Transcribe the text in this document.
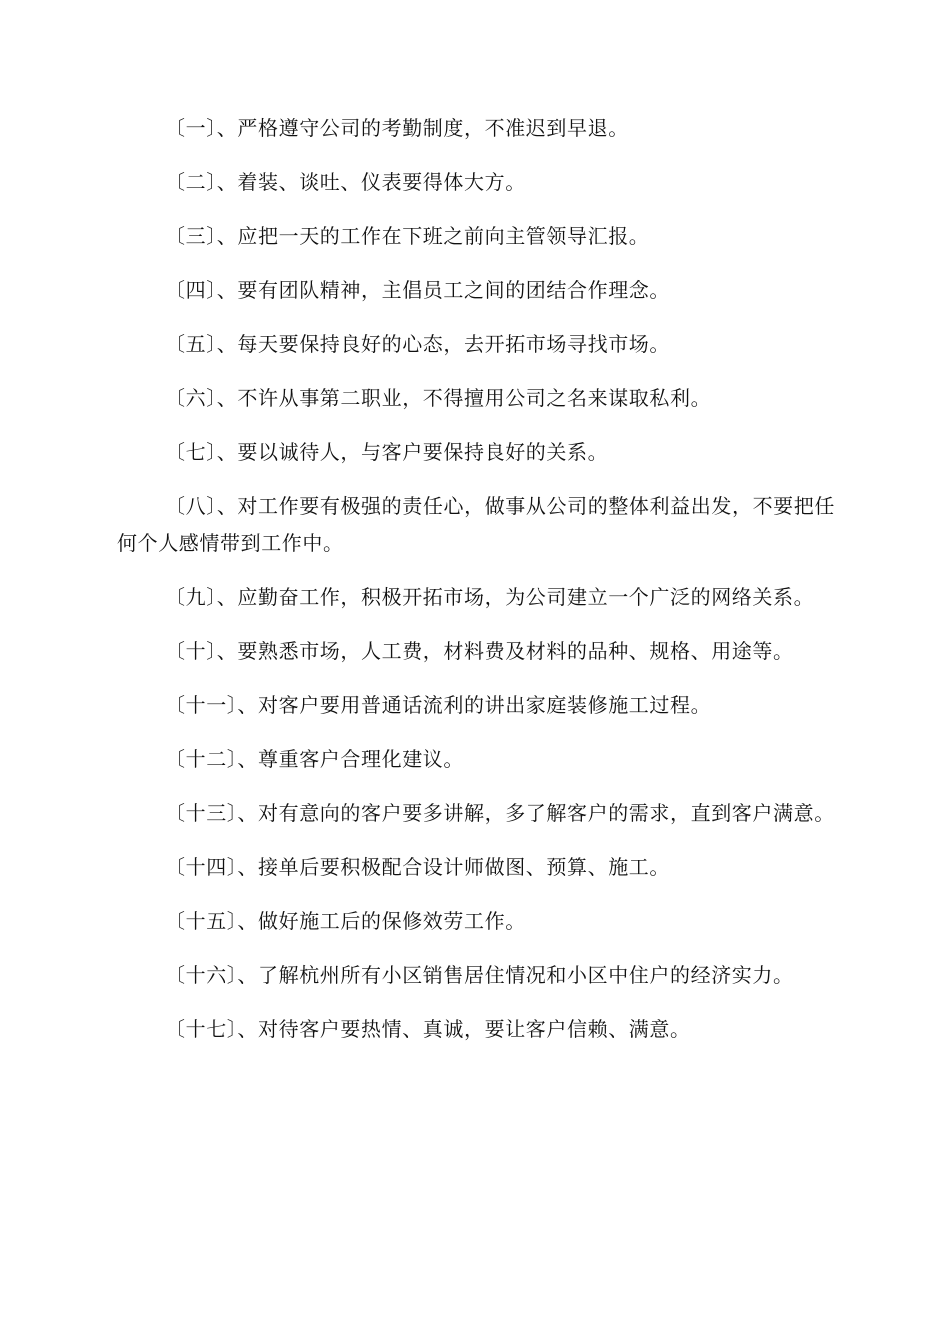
〔一〕、严格遵守公司的考勤制度，不准迟到早退。

〔二〕、着装、谈吐、仪表要得体大方。

〔三〕、应把一天的工作在下班之前向主管领导汇报。

〔四〕、要有团队精神，主倡员工之间的团结合作理念。

〔五〕、每天要保持良好的心态，去开拓市场寻找市场。

〔六〕、不许从事第二职业，不得擅用公司之名来谋取私利。

〔七〕、要以诚待人，与客户要保持良好的关系。

〔八〕、对工作要有极强的责任心，做事从公司的整体利益出发，不要把任何个人感情带到工作中。

〔九〕、应勤奋工作，积极开拓市场，为公司建立一个广泛的网络关系。

〔十〕、要熟悉市场，人工费，材料费及材料的品种、规格、用途等。

〔十一〕、对客户要用普通话流利的讲出家庭装修施工过程。

〔十二〕、尊重客户合理化建议。

〔十三〕、对有意向的客户要多讲解，多了解客户的需求，直到客户满意。

〔十四〕、接单后要积极配合设计师做图、预算、施工。

〔十五〕、做好施工后的保修效劳工作。

〔十六〕、了解杭州所有小区销售居住情况和小区中住户的经济实力。

〔十七〕、对待客户要热情、真诚，要让客户信赖、满意。
